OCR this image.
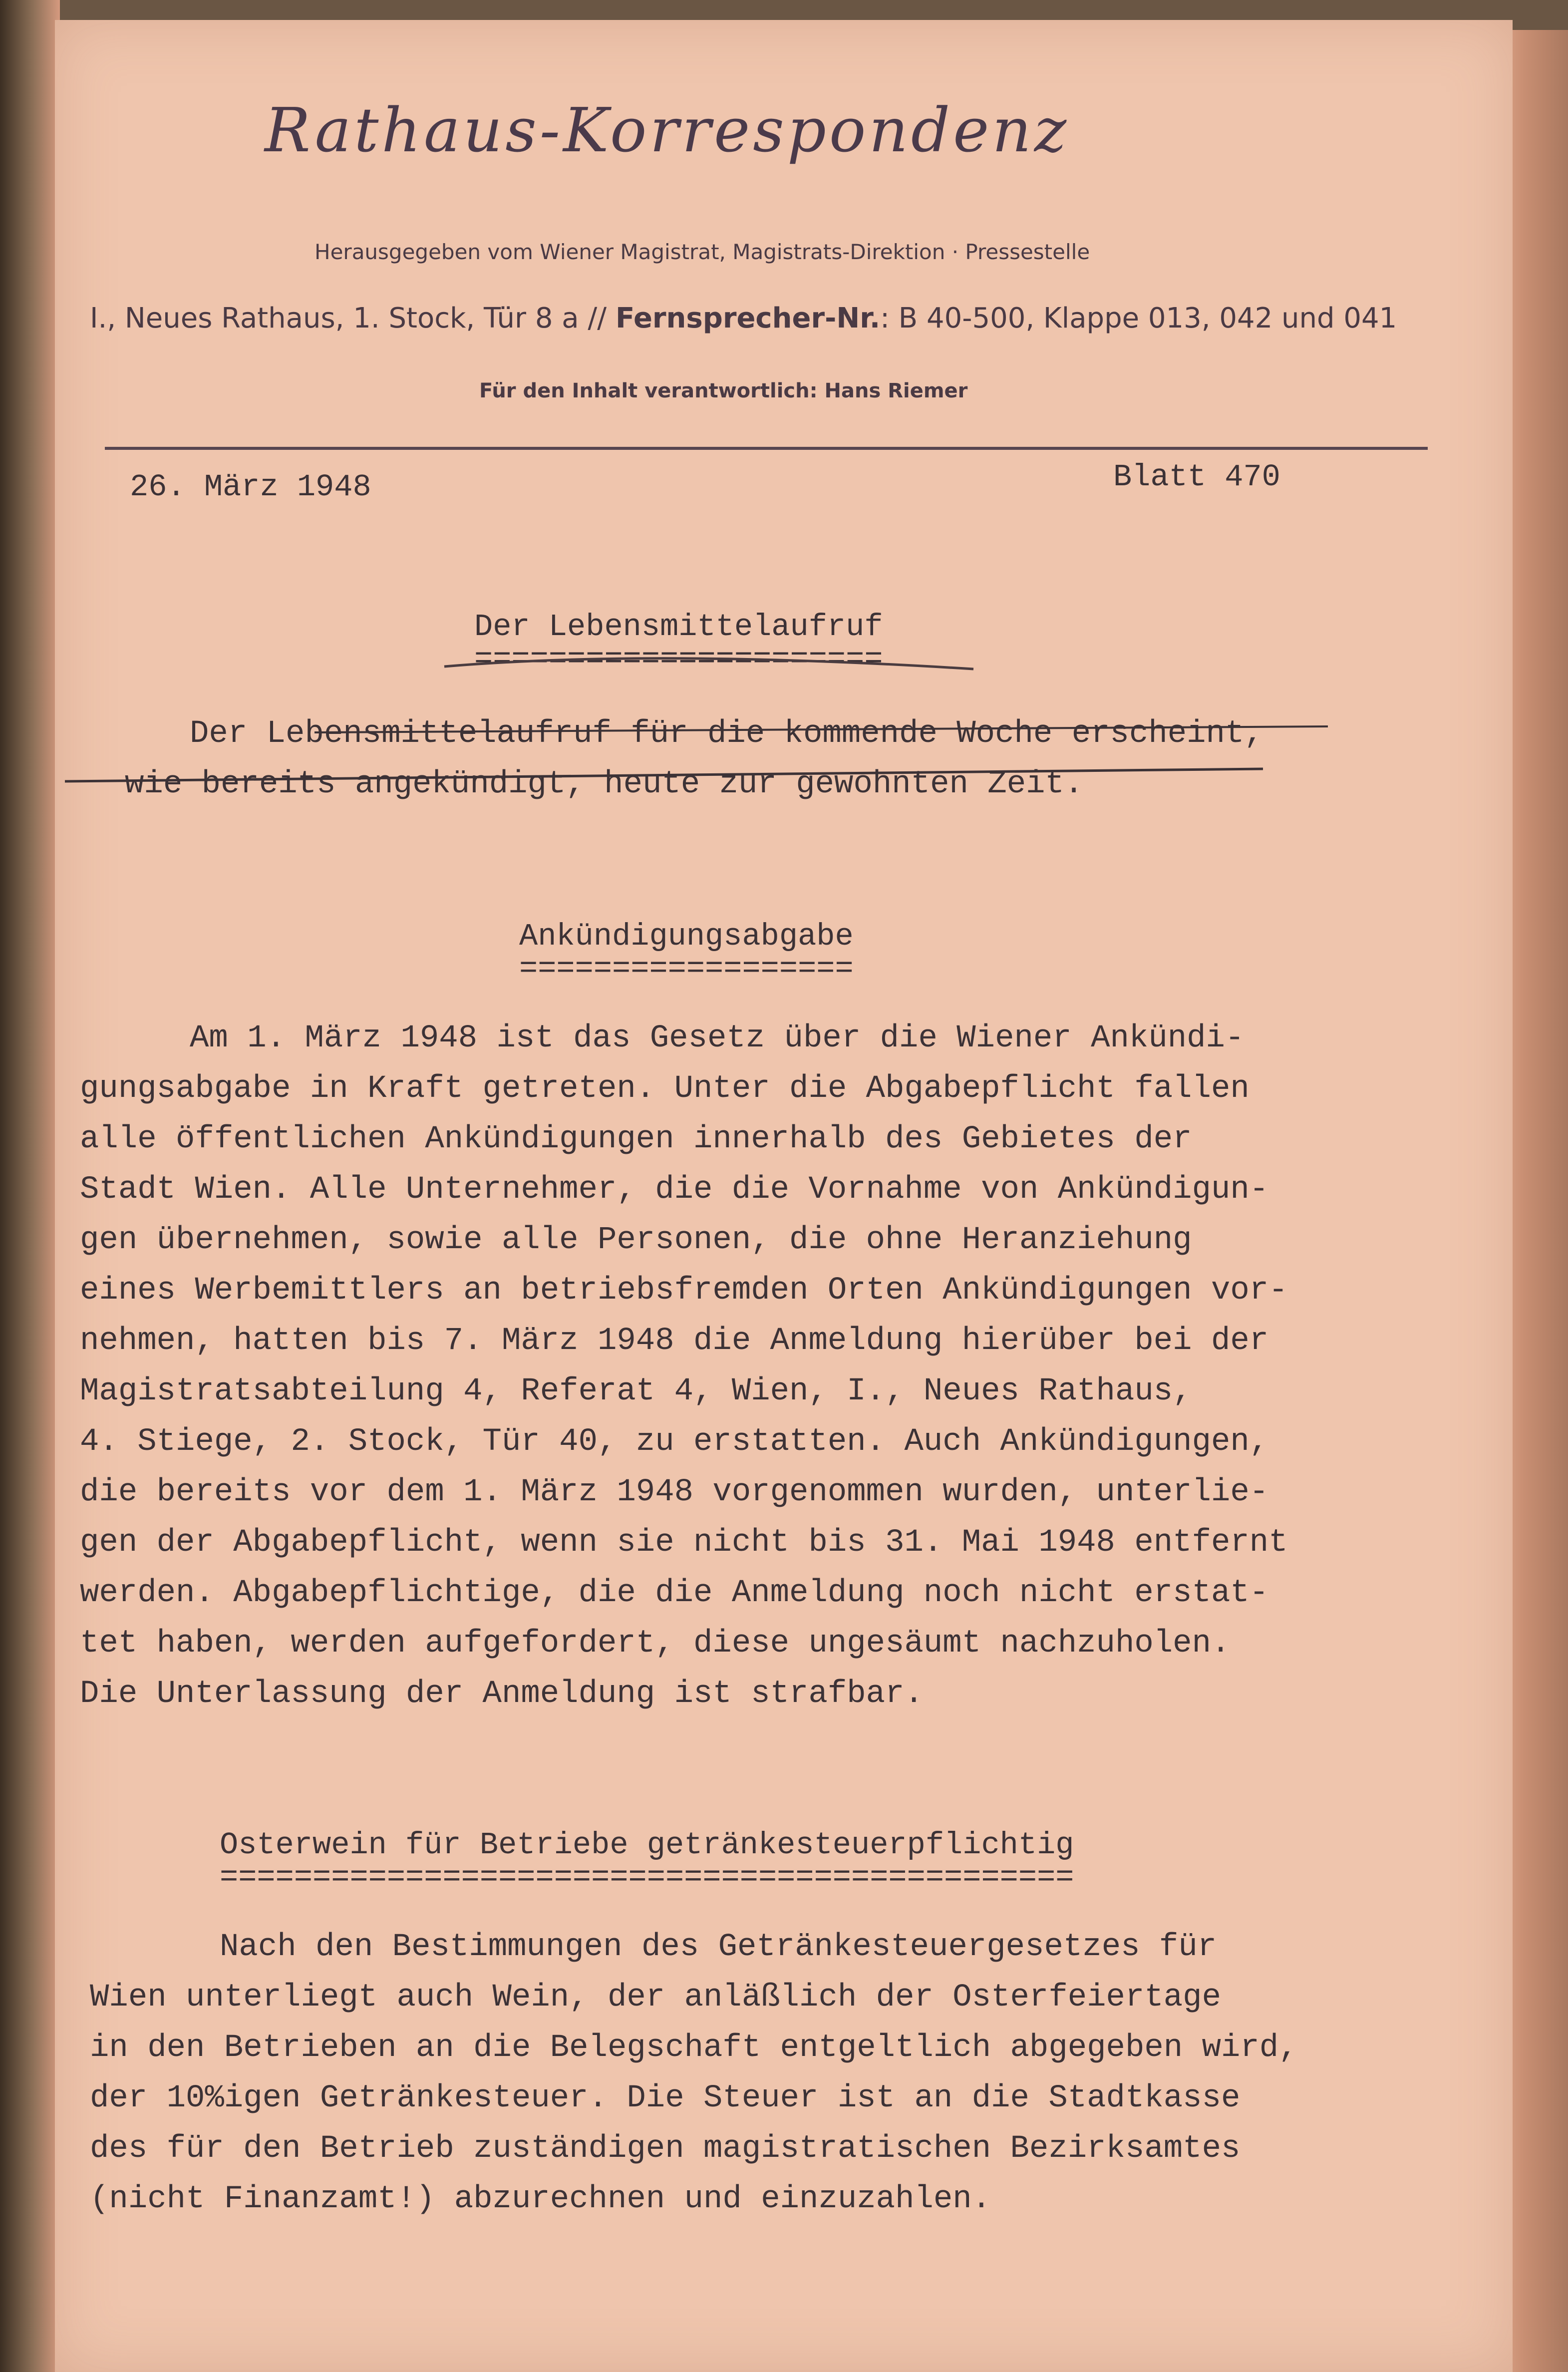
Rathaus-Korrespondenz
Herausgegeben vom Wiener Magistrat, Magistrats-Direktion · Pressestelle
I., Neues Rathaus, 1. Stock, Tür 8 a // Fernsprecher-Nr.: B 40-500, Klappe 013, 042 und 041
Für den Inhalt verantwortlich: Hans Riemer
26. März 1948	Blatt 470
Der Lebensmittelaufruf
======================
Der Lebensmittelaufruf für die kommende Woche erscheint,
wie bereits angekündigt, heute zur gewohnten Zeit.
Ankündigungsabgabe
==================
Am 1. März 1948 ist das Gesetz über die Wiener Ankündi-
gungsabgabe in Kraft getreten. Unter die Abgabepflicht fallen
alle öffentlichen Ankündigungen innerhalb des Gebietes der
Stadt Wien. Alle Unternehmer, die die Vornahme von Ankündigun-
gen übernehmen, sowie alle Personen, die ohne Heranziehung
eines Werbemittlers an betriebsfremden Orten Ankündigungen vor-
nehmen, hatten bis 7. März 1948 die Anmeldung hierüber bei der
Magistratsabteilung 4, Referat 4, Wien, I., Neues Rathaus,
4. Stiege, 2. Stock, Tür 40, zu erstatten. Auch Ankündigungen,
die bereits vor dem 1. März 1948 vorgenommen wurden, unterlie-
gen der Abgabepflicht, wenn sie nicht bis 31. Mai 1948 entfernt
werden. Abgabepflichtige, die die Anmeldung noch nicht erstat-
tet haben, werden aufgefordert, diese ungesäumt nachzuholen.
Die Unterlassung der Anmeldung ist strafbar.
Osterwein für Betriebe getränkesteuerpflichtig
==============================================
Nach den Bestimmungen des Getränkesteuergesetzes für
Wien unterliegt auch Wein, der anläßlich der Osterfeiertage
in den Betrieben an die Belegschaft entgeltlich abgegeben wird,
der 10%igen Getränkesteuer. Die Steuer ist an die Stadtkasse
des für den Betrieb zuständigen magistratischen Bezirksamtes
(nicht Finanzamt!) abzurechnen und einzuzahlen.
